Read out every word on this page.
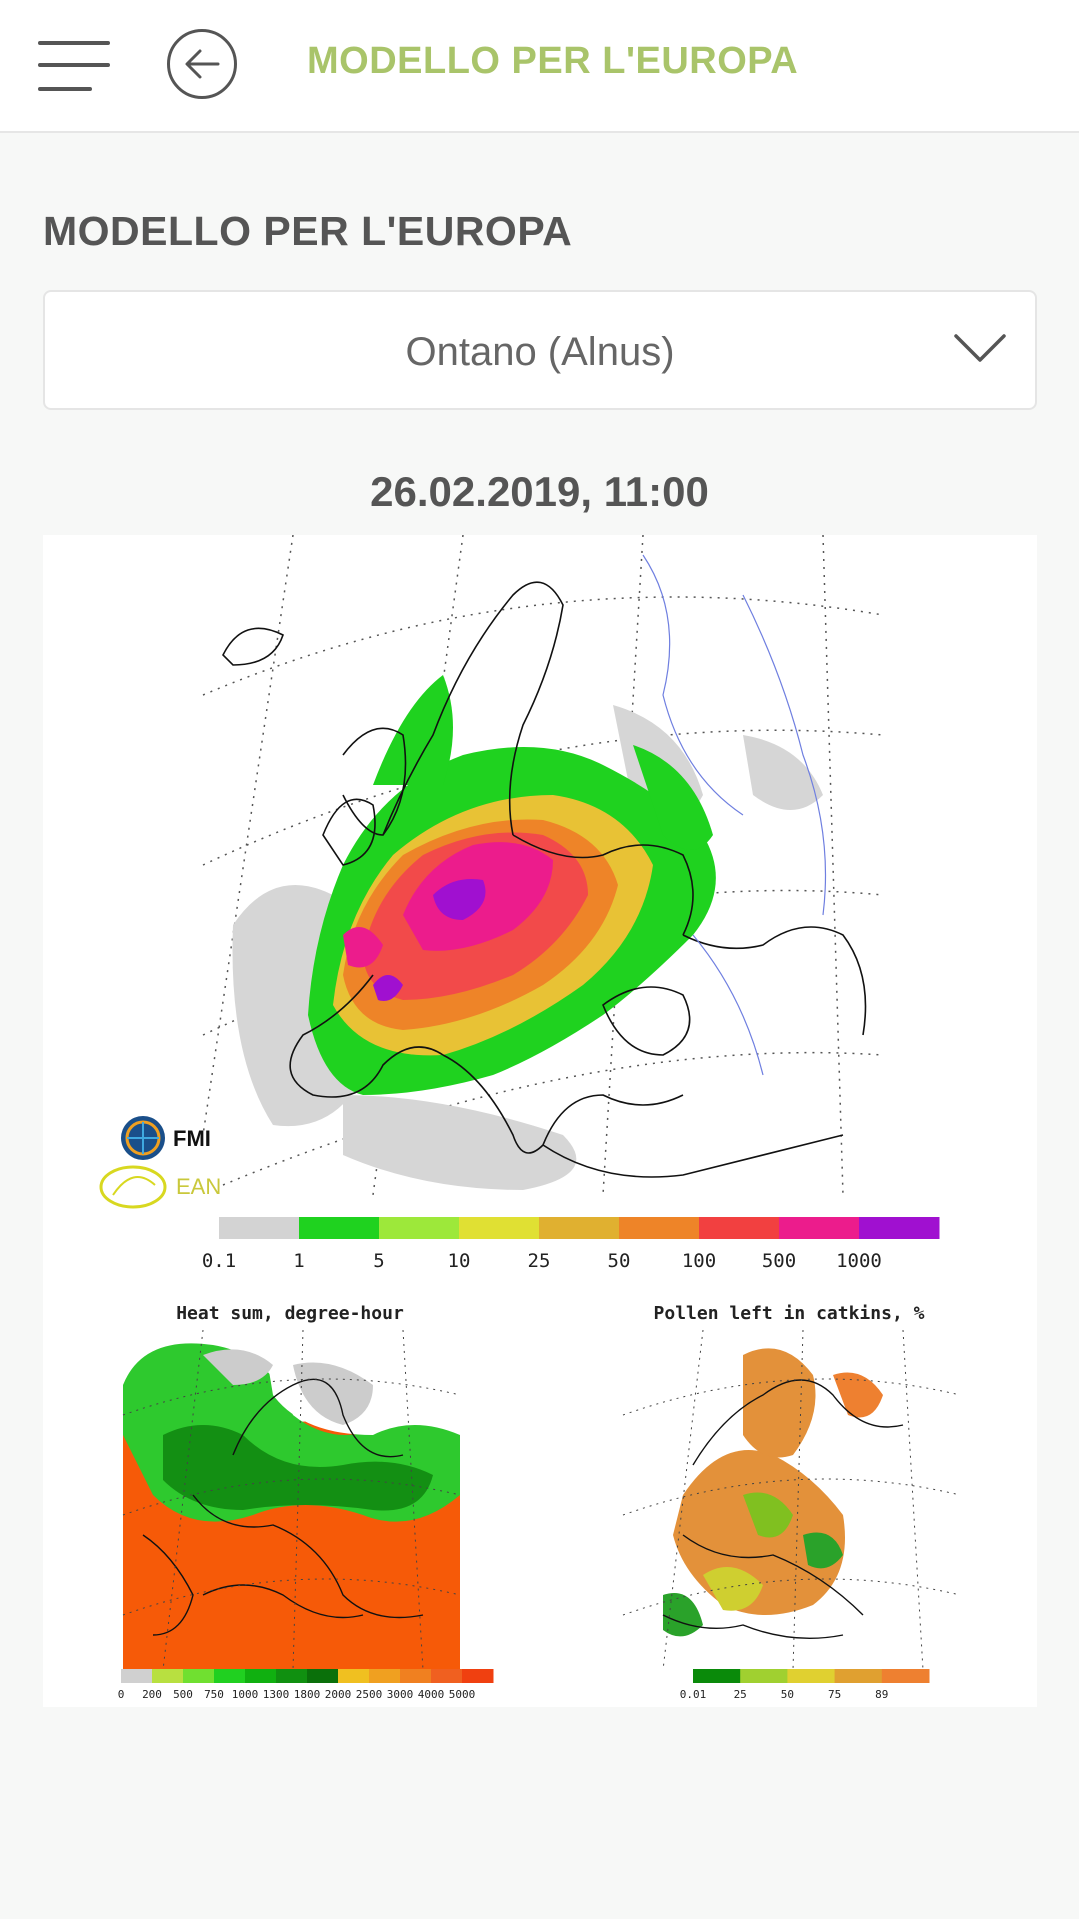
MODELLO PER L'EUROPA
MODELLO PER L'EUROPA
Ontano (Alnus)
26.02.2019, 11:00
FMI
EAN
0.1	1	5	10	25	50	100 500 1000
Heat sum, degree-hour
0 200 500 750 1000 1300 1800 2000 2500 3000 4000 5000
Pollen left in catkins, %
0.01 25	50	75	89
